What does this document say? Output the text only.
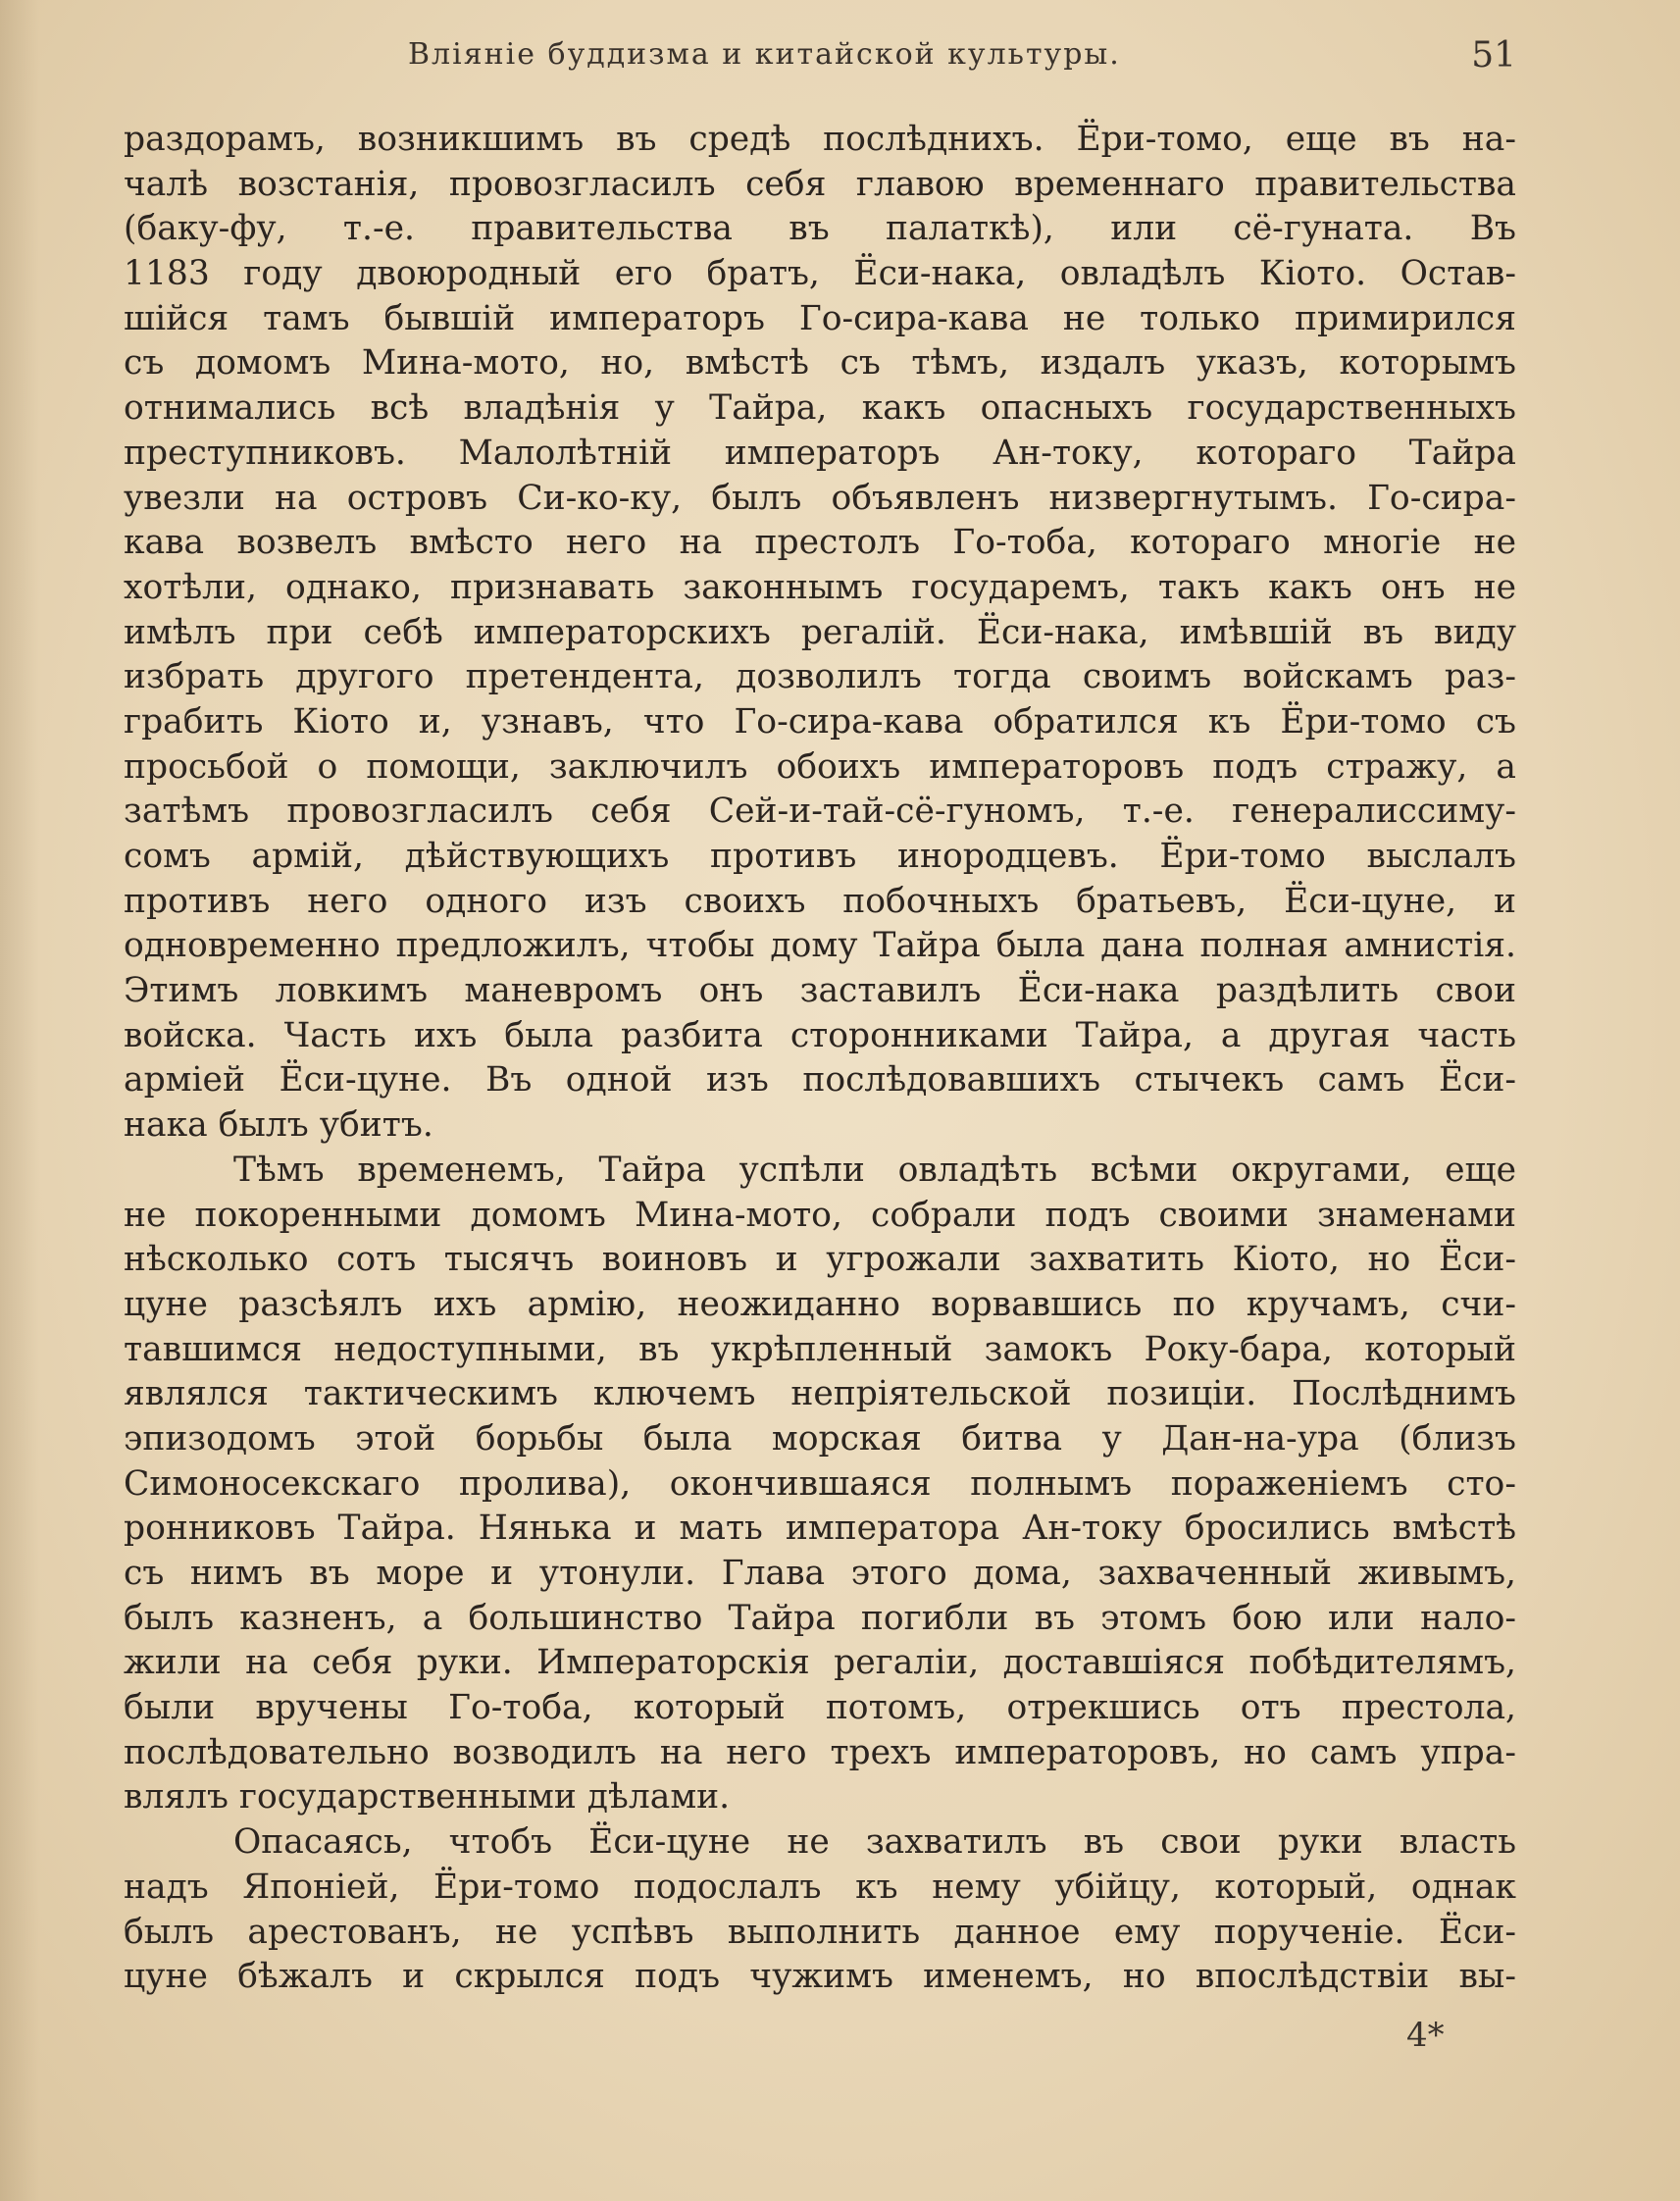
Вліяніе буддизма и китайской культуры.	51
раздорамъ, возникшимъ въ средѣ послѣднихъ. Ёри-томо, еще въ на-
чалѣ возстанія, провозгласилъ себя главою временнаго правительства
(баку-фу, т.-е. правительства въ палаткѣ), или сё-гуната. Въ
1183 году двоюродный его братъ, Ёси-нака, овладѣлъ Кіото. Остав-
шійся тамъ бывшій императоръ Го-сира-кава не только примирился
съ домомъ Мина-мото, но, вмѣстѣ съ тѣмъ, издалъ указъ, которымъ
отнимались всѣ владѣнія у Тайра, какъ опасныхъ государственныхъ
преступниковъ. Малолѣтній императоръ Ан-току, котораго Тайра
увезли на островъ Си-ко-ку, былъ объявленъ низвергнутымъ. Го-сира-
кава возвелъ вмѣсто него на престолъ Го-тоба, котораго многіе не
хотѣли, однако, признавать законнымъ государемъ, такъ какъ онъ не
имѣлъ при себѣ императорскихъ регалій. Ёси-нака, имѣвшій въ виду
избрать другого претендента, дозволилъ тогда своимъ войскамъ раз-
грабить Кіото и, узнавъ, что Го-сира-кава обратился къ Ёри-томо съ
просьбой о помощи, заключилъ обоихъ императоровъ подъ стражу, а
затѣмъ провозгласилъ себя Сей-и-тай-сё-гуномъ, т.-е. генералиссиму-
сомъ армій, дѣйствующихъ противъ инородцевъ. Ёри-томо выслалъ
противъ него одного изъ своихъ побочныхъ братьевъ, Ёси-цуне, и
одновременно предложилъ, чтобы дому Тайра была дана полная амнистія.
Этимъ ловкимъ маневромъ онъ заставилъ Ёси-нака раздѣлить свои
войска. Часть ихъ была разбита сторонниками Тайра, а другая часть
арміей Ёси-цуне. Въ одной изъ послѣдовавшихъ стычекъ самъ Ёси-
нака былъ убитъ.
Тѣмъ временемъ, Тайра успѣли овладѣть всѣми округами, еще
не покоренными домомъ Мина-мото, собрали подъ своими знаменами
нѣсколько сотъ тысячъ воиновъ и угрожали захватить Кіото, но Ёси-
цуне разсѣялъ ихъ армію, неожиданно ворвавшись по кручамъ, счи-
тавшимся недоступными, въ укрѣпленный замокъ Року-бара, который
являлся тактическимъ ключемъ непріятельской позиціи. Послѣднимъ
эпизодомъ этой борьбы была морская битва у Дан-на-ура (близъ
Симоносекскаго пролива), окончившаяся полнымъ пораженіемъ сто-
ронниковъ Тайра. Нянька и мать императора Ан-току бросились вмѣстѣ
съ нимъ въ море и утонули. Глава этого дома, захваченный живымъ,
былъ казненъ, а большинство Тайра погибли въ этомъ бою или нало-
жили на себя руки. Императорскія регаліи, доставшіяся побѣдителямъ,
были вручены Го-тоба, который потомъ, отрекшись отъ престола,
послѣдовательно возводилъ на него трехъ императоровъ, но самъ упра-
влялъ государственными дѣлами.
Опасаясь, чтобъ Ёси-цуне не захватилъ въ свои руки власть
надъ Японіей, Ёри-томо подослалъ къ нему убійцу, который, однак
былъ арестованъ, не успѣвъ выполнить данное ему порученіе. Ёси-
цуне бѣжалъ и скрылся подъ чужимъ именемъ, но впослѣдствіи вы-
4*
